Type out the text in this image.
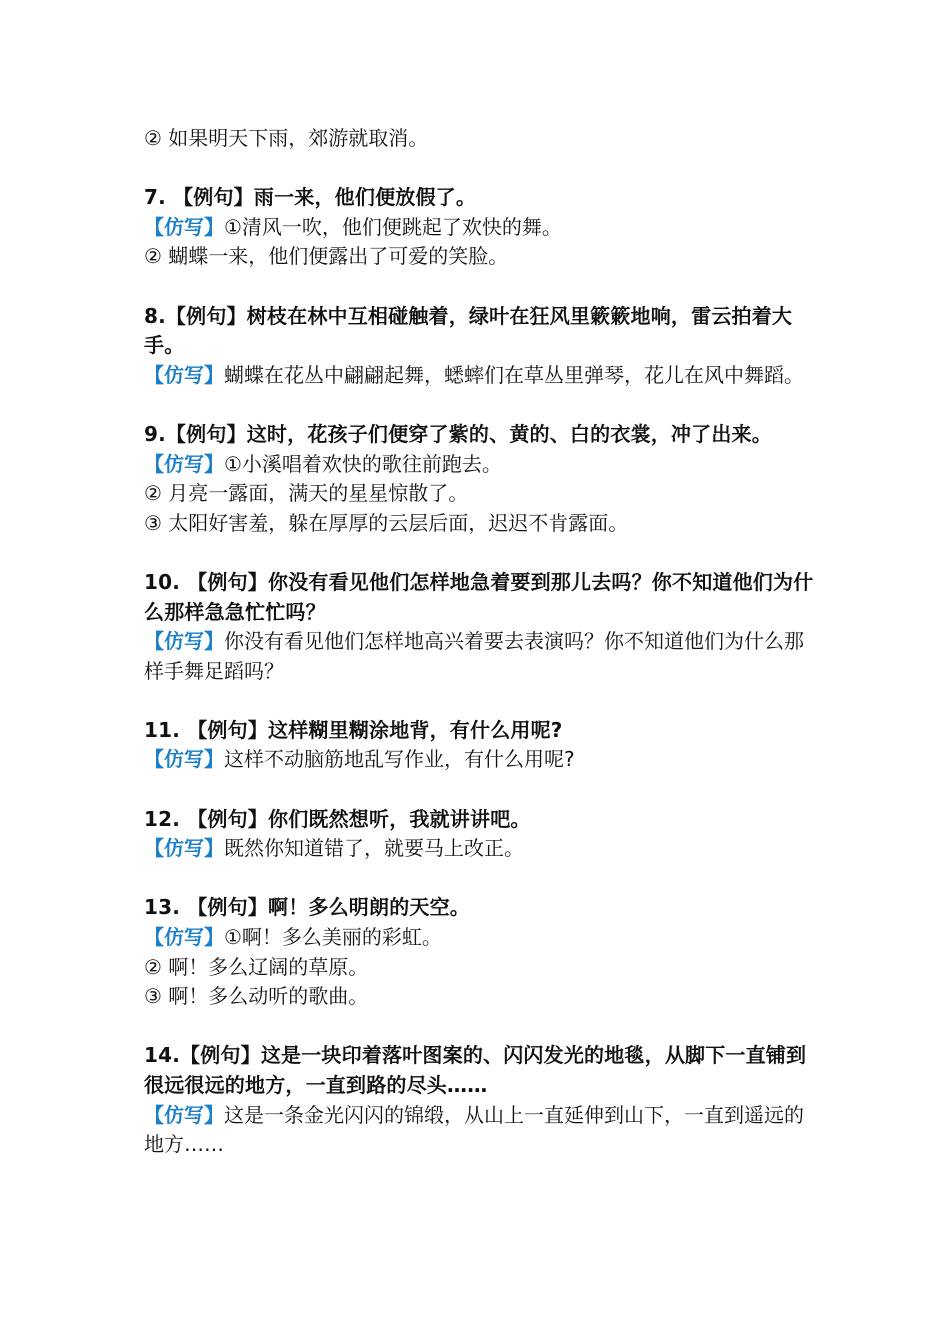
② 如果明天下雨，郊游就取消。

7. 【例句】雨一来，他们便放假了。

【仿写】①清风一吹，他们便跳起了欢快的舞。

② 蝴蝶一来，他们便露出了可爱的笑脸。

8.【例句】树枝在林中互相碰触着，绿叶在狂风里簌簌地响，雷云拍着大手。

【仿写】蝴蝶在花丛中翩翩起舞，蟋蟀们在草丛里弹琴，花儿在风中舞蹈。

9.【例句】这时，花孩子们便穿了紫的、黄的、白的衣裳，冲了出来。

【仿写】①小溪唱着欢快的歌往前跑去。

② 月亮一露面，满天的星星惊散了。

③ 太阳好害羞，躲在厚厚的云层后面，迟迟不肯露面。

10. 【例句】你没有看见他们怎样地急着要到那儿去吗？你不知道他们为什么那样急急忙忙吗？

【仿写】你没有看见他们怎样地高兴着要去表演吗？你不知道他们为什么那样手舞足蹈吗？

11. 【例句】这样糊里糊涂地背，有什么用呢?

【仿写】这样不动脑筋地乱写作业，有什么用呢?

12. 【例句】你们既然想听，我就讲讲吧。

【仿写】既然你知道错了，就要马上改正。

13. 【例句】啊！多么明朗的天空。

【仿写】①啊！多么美丽的彩虹。

② 啊！多么辽阔的草原。

③ 啊！多么动听的歌曲。

14.【例句】这是一块印着落叶图案的、闪闪发光的地毯，从脚下一直铺到很远很远的地方，一直到路的尽头……

【仿写】这是一条金光闪闪的锦缎，从山上一直延伸到山下，一直到遥远的地方……
